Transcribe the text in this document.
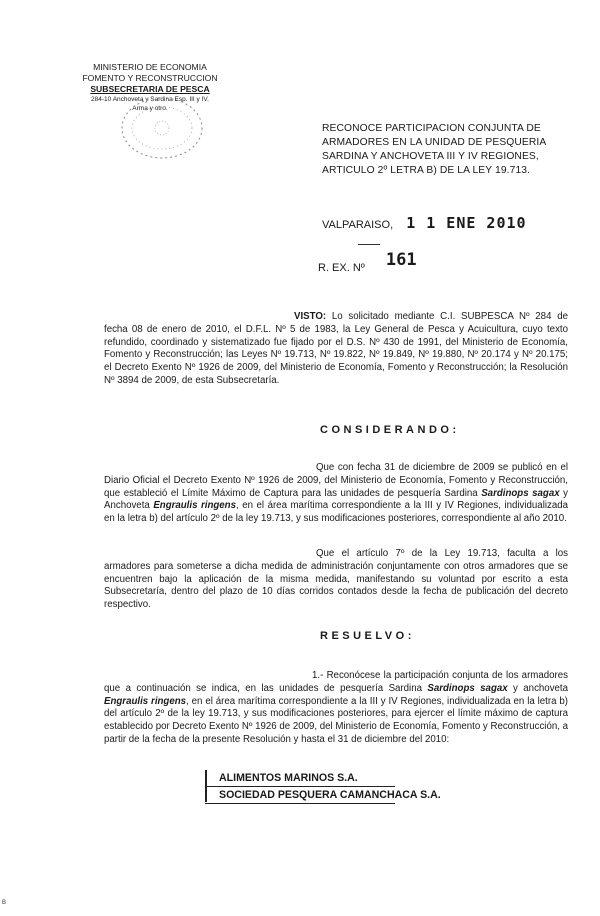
MINISTERIO DE ECONOMIA
FOMENTO Y RECONSTRUCCION
SUBSECRETARIA DE PESCA
284-10 Anchoveta y Sardina Esp. III y IV.
Arma y otro.
RECONOCE PARTICIPACION CONJUNTA DE ARMADORES EN LA UNIDAD DE PESQUERIA SARDINA Y ANCHOVETA III Y IV REGIONES, ARTICULO 2º LETRA B) DE LA LEY 19.713.
VALPARAISO, 1 1 ENE 2010
R. EX. Nº 161
VISTO: Lo solicitado mediante C.I. SUBPESCA Nº 284 de fecha 08 de enero de 2010, el D.F.L. Nº 5 de 1983, la Ley General de Pesca y Acuicultura, cuyo texto refundido, coordinado y sistematizado fue fijado por el D.S. Nº 430 de 1991, del Ministerio de Economía, Fomento y Reconstrucción; las Leyes Nº 19.713, Nº 19.822, Nº 19.849, Nº 19.880, Nº 20.174 y Nº 20.175; el Decreto Exento Nº 1926 de 2009, del Ministerio de Economía, Fomento y Reconstrucción; la Resolución Nº 3894 de 2009, de esta Subsecretaría.
CONSIDERANDO:
Que con fecha 31 de diciembre de 2009 se publicó en el Diario Oficial el Decreto Exento Nº 1926 de 2009, del Ministerio de Economía, Fomento y Reconstrucción, que estableció el Límite Máximo de Captura para las unidades de pesquería Sardina Sardinops sagax y Anchoveta Engraulis ringens, en el área marítima correspondiente a la III y IV Regiones, individualizada en la letra b) del artículo 2º de la ley 19.713, y sus modificaciones posteriores, correspondiente al año 2010.
Que el artículo 7º de la Ley 19.713, faculta a los armadores para someterse a dicha medida de administración conjuntamente con otros armadores que se encuentren bajo la aplicación de la misma medida, manifestando su voluntad por escrito a esta Subsecretaría, dentro del plazo de 10 días corridos contados desde la fecha de publicación del decreto respectivo.
RESUELVO:
1.- Reconócese la participación conjunta de los armadores que a continuación se indica, en las unidades de pesquería Sardina Sardinops sagax y anchoveta Engraulis ringens, en el área marítima correspondiente a la III y IV Regiones, individualizada en la letra b) del artículo 2º de la ley 19.713, y sus modificaciones posteriores, para ejercer el límite máximo de captura establecido por Decreto Exento Nº 1926 de 2009, del Ministerio de Economía, Fomento y Reconstrucción, a partir de la fecha de la presente Resolución y hasta el 31 de diciembre del 2010:
ALIMENTOS MARINOS S.A.
SOCIEDAD PESQUERA CAMANCHACA S.A.
B
